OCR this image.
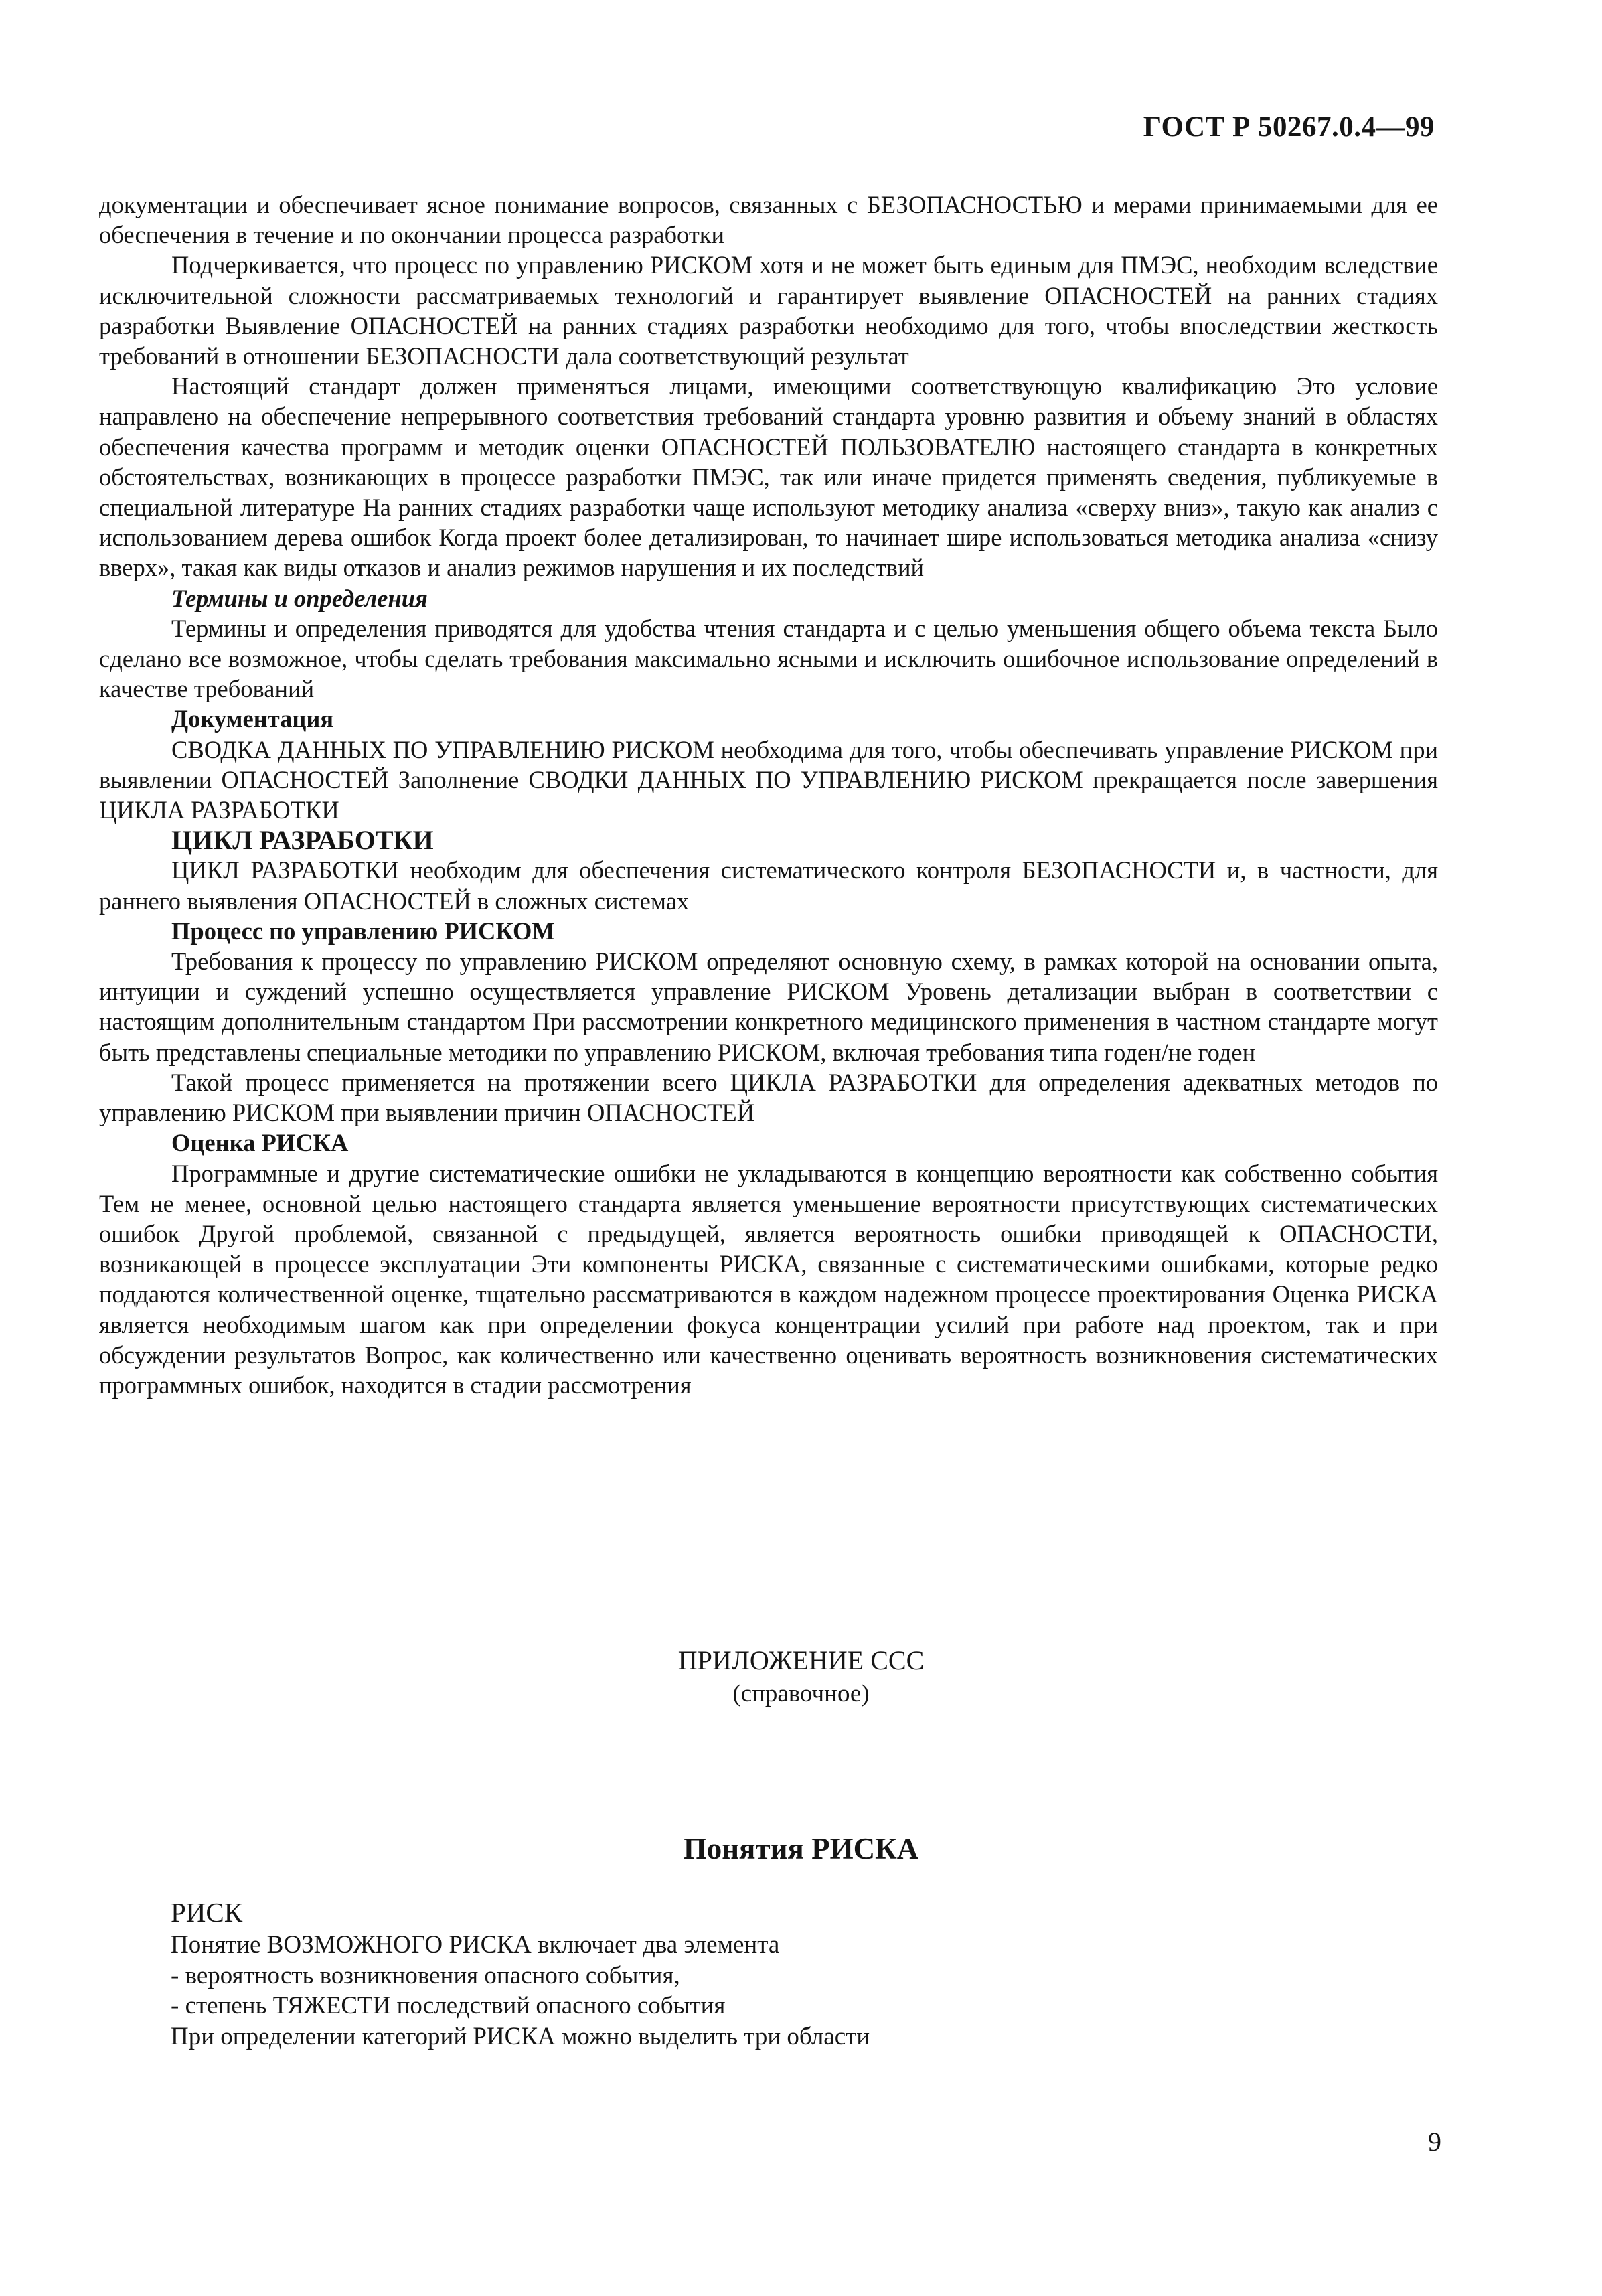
ГОСТ Р 50267.0.4—99

документации и обеспечивает ясное понимание вопросов, связанных с БЕЗОПАСНОСТЬЮ и мерами принимаемыми для ее обеспечения в течение и по окончании процесса разработки

Подчеркивается, что процесс по управлению РИСКОМ хотя и не может быть единым для ПМЭС, необходим вследствие исключительной сложности рассматриваемых технологий и гарантирует выявление ОПАСНОСТЕЙ на ранних стадиях разработки Выявление ОПАСНОСТЕЙ на ранних стадиях разработки необходимо для того, чтобы впоследствии жесткость требований в отношении БЕЗОПАСНОСТИ дала соответствующий результат

Настоящий стандарт должен применяться лицами, имеющими соответствующую квалификацию Это условие направлено на обеспечение непрерывного соответствия требований стандарта уровню развития и объему знаний в областях обеспечения качества программ и методик оценки ОПАСНОСТЕЙ ПОЛЬЗОВАТЕЛЮ настоящего стандарта в конкретных обстоятельствах, возникающих в процессе разработки ПМЭС, так или иначе придется применять сведения, публикуемые в специальной литературе На ранних стадиях разработки чаще используют методику анализа «сверху вниз», такую как анализ с использованием дерева ошибок Когда проект более детализирован, то начинает шире использоваться методика анализа «снизу вверх», такая как виды отказов и анализ режимов нарушения и их последствий

Термины и определения

Термины и определения приводятся для удобства чтения стандарта и с целью уменьшения общего объема текста Было сделано все возможное, чтобы сделать требования максимально ясными и исключить ошибочное использование определений в качестве требований

Документация

СВОДКА ДАННЫХ ПО УПРАВЛЕНИЮ РИСКОМ необходима для того, чтобы обеспечивать управление РИСКОМ при выявлении ОПАСНОСТЕЙ Заполнение СВОДКИ ДАННЫХ ПО УПРАВЛЕНИЮ РИСКОМ прекращается после завершения ЦИКЛА РАЗРАБОТКИ

ЦИКЛ РАЗРАБОТКИ

ЦИКЛ РАЗРАБОТКИ необходим для обеспечения систематического контроля БЕЗОПАСНОСТИ и, в частности, для раннего выявления ОПАСНОСТЕЙ в сложных системах

Процесс по управлению РИСКОМ

Требования к процессу по управлению РИСКОМ определяют основную схему, в рамках которой на основании опыта, интуиции и суждений успешно осуществляется управление РИСКОМ Уровень детализации выбран в соответствии с настоящим дополнительным стандартом При рассмотрении конкретного медицинского применения в частном стандарте могут быть представлены специальные методики по управлению РИСКОМ, включая требования типа годен/не годен

Такой процесс применяется на протяжении всего ЦИКЛА РАЗРАБОТКИ для определения адекватных методов по управлению РИСКОМ при выявлении причин ОПАСНОСТЕЙ

Оценка РИСКА

Программные и другие систематические ошибки не укладываются в концепцию вероятности как собственно события Тем не менее, основной целью настоящего стандарта является уменьшение вероятности присутствующих систематических ошибок Другой проблемой, связанной с предыдущей, является вероятность ошибки приводящей к ОПАСНОСТИ, возникающей в процессе эксплуатации Эти компоненты РИСКА, связанные с систематическими ошибками, которые редко поддаются количественной оценке, тщательно рассматриваются в каждом надежном процессе проектирования Оценка РИСКА является необходимым шагом как при определении фокуса концентрации усилий при работе над проектом, так и при обсуждении результатов Вопрос, как количественно или качественно оценивать вероятность возникновения систематических программных ошибок, находится в стадии рассмотрения

ПРИЛОЖЕНИЕ ССС
(справочное)
Понятия РИСКА

РИСК

Понятие ВОЗМОЖНОГО РИСКА включает два элемента

- вероятность возникновения опасного события,

- степень ТЯЖЕСТИ последствий опасного события

При определении категорий РИСКА можно выделить три области

9
